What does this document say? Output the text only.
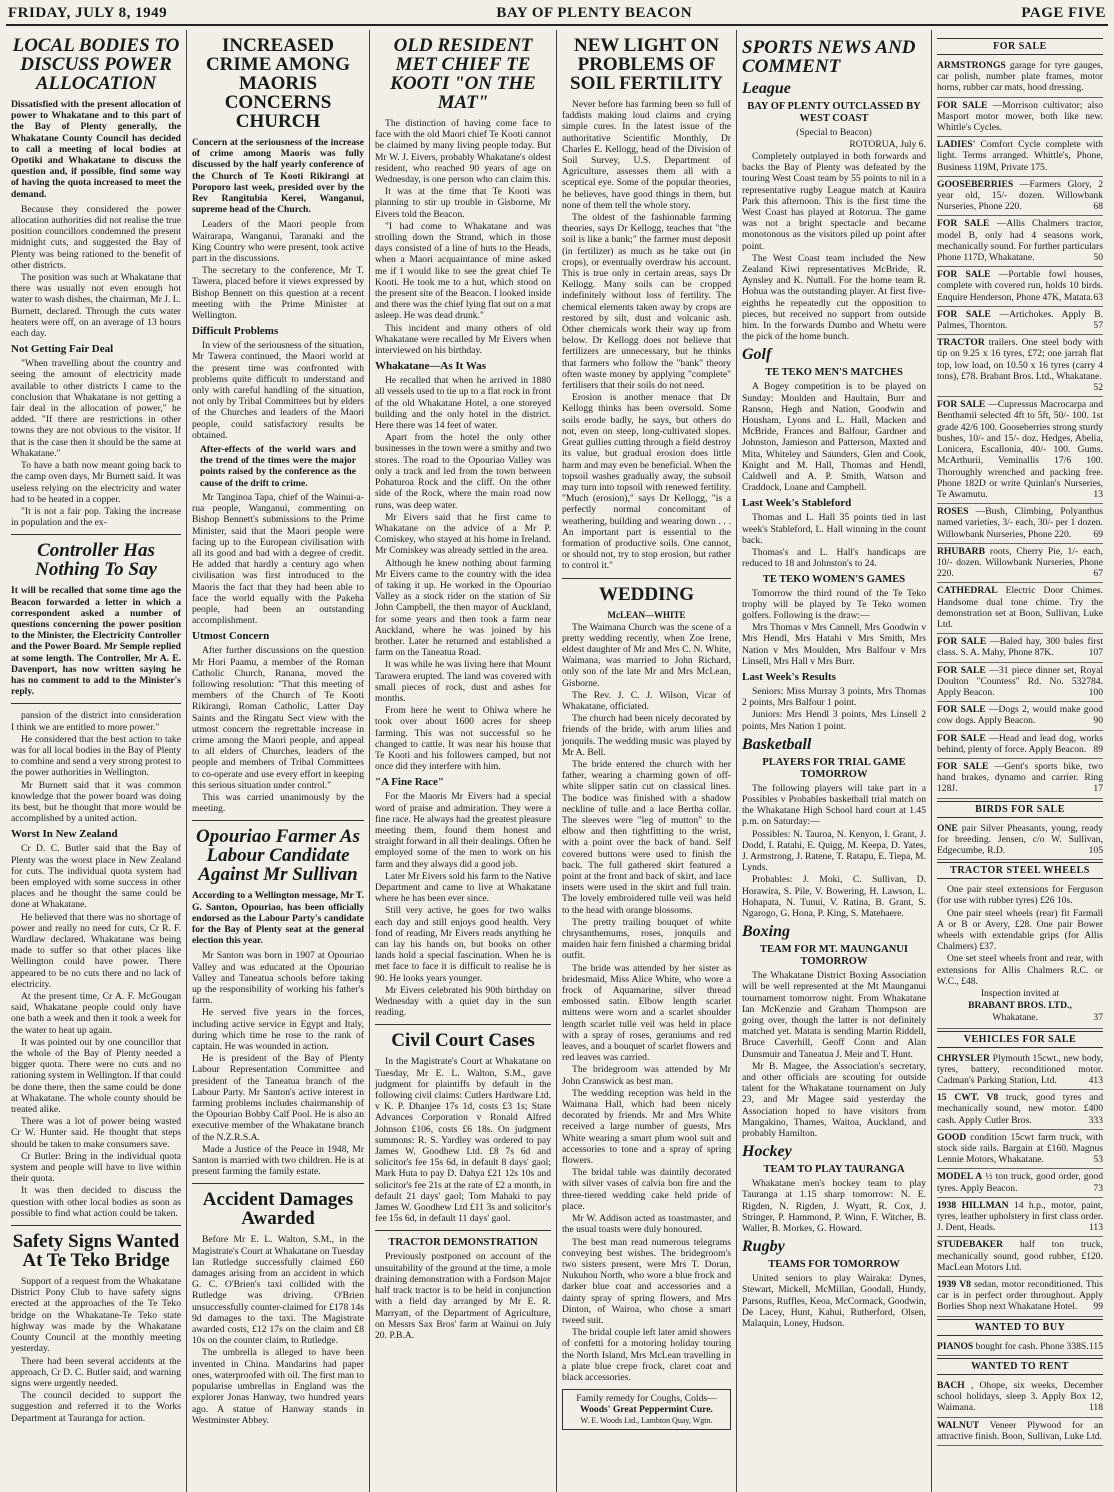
FRIDAY, JULY 8, 1949	BAY OF PLENTY BEACON	PAGE FIVE
LOCAL BODIES TO DISCUSS POWER ALLOCATION
Dissatisfied with the present allocation of power to Whakatane and to this part of the Bay of Plenty generally, the Whakatane County Council has decided to call a meeting of local bodies at Opotiki and Whakatane to discuss the question and, if possible, find some way of having the quota increased to meet the demand.

Because they considered the power allocation authorities did not realise the true position councillors condemned the present midnight cuts, and suggested the Bay of Plenty was being rationed to the benefit of other districts.

The position was such at Whakatane that there was usually not even enough hot water to wash dishes, the chairman, Mr J. L. Burnett, declared. Through the cuts water heaters were off, on an average of 13 hours each day.

Not Getting Fair Deal

"When travelling about the country and seeing the amount of electricity made available to other districts I came to the conclusion that Whakatane is not getting a fair deal in the allocation of power," he added. "If there are restrictions in other towns they are not obvious to the visitor. If that is the case then it should be the same at Whakatane."

To have a bath now meant going back to the camp oven days, Mr Burnett said. It was useless relying on the electricity and water had to be heated in a copper.

"It is not a fair pop. Taking the increase in population and the ex-

Controller Has Nothing To Say
It will be recalled that some time ago the Beacon forwarded a letter in which a correspondent asked a number of questions concerning the power position to the Minister, the Electricity Controller and the Power Board. Mr Semple replied at some length. The Controller, Mr A. E. Davenport, has now written saying he has no comment to add to the Minister's reply.

pansion of the district into consideration I think we are entitled to more power."

He considered that the best action to take was for all local bodies in the Bay of Plenty to combine and send a very strong protest to the power authorities in Wellington.

Mr Burnett said that it was common knowledge that the power board was doing its best, but he thought that more would be accomplished by a united action.

Worst In New Zealand

Cr D. C. Butler said that the Bay of Plenty was the worst place in New Zealand for cuts. The individual quota system had been employed with some success in other places and he thought the same could be done at Whakatane.

He believed that there was no shortage of power and really no need for cuts, Cr R. F. Wardlaw declared. Whakatane was being made to suffer so that other places like Wellington could have power. There appeared to be no cuts there and no lack of electricity.

At the present time, Cr A. F. McGougan said, Whakatane people could only have one bath a week and then it took a week for the water to heat up again.

It was pointed out by one councillor that the whole of the Bay of Plenty needed a bigger quota. There were no cuts and no rationing system in Wellington. If that could be done there, then the same could be done at Whakatane. The whole county should be treated alike.

There was a lot of power being wasted Cr W. Hunter said. He thought that steps should be taken to make consumers save.

Cr Butler: Bring in the individual quota system and people will have to live within their quota.

It was then decided to discuss the question with other local bodies as soon as possible to find what action could be taken.

Safety Signs Wanted At Te Teko Bridge

Support of a request from the Whakatane District Pony Club to have safety signs erected at the approaches of the Te Teko bridge on the Whakatane-Te Teko state highway was made by the Whakatane County Council at the monthly meeting yesterday.

There had been several accidents at the approach, Cr D. C. Butler said, and warning signs were urgently needed.

The council decided to support the suggestion and referred it to the Works Department at Tauranga for action.

INCREASED CRIME AMONG MAORIS CONCERNS CHURCH
Concern at the seriousness of the increase of crime among Maoris was fully discussed by the half yearly conference of the Church of Te Kooti Rikirangi at Poroporo last week, presided over by the Rev Rangitubia Kerei, Wanganui, supreme head of the Church.

Leaders of the Maori people from Wairarapa, Wanganui, Taranaki and the King Country who were present, took active part in the discussions.

The secretary to the conference, Mr T. Tawera, placed before it views expressed by Bishop Bennett on this question at a recent meeting with the Prime Minister at Wellington.

Difficult Problems

In view of the seriousness of the situation, Mr Tawera continued, the Maori world at the present time was confronted with problems quite difficult to understand and only with careful handling of the situation, not only by Tribal Committees but by elders of the Churches and leaders of the Maori people, could satisfactory results be obtained.

After-effects of the world wars and the trend of the times were the major points raised by the conference as the cause of the drift to crime.

Mr Tanginoa Tapa, chief of the Wainui-a-rua people, Wanganui, commenting on Bishop Bennett's submissions to the Prime Minister, said that the Maori people were facing up to the European civilisation with all its good and bad with a degree of credit. He added that hardly a century ago when civilisation was first introduced to the Maoris the fact that they had been able to face the world equally with the Pakeha people, had been an outstanding accomplishment.

Utmost Concern

After further discussions on the question Mr Hori Paamu, a member of the Roman Catholic Church, Ranana, moved the following resolution: "That this meeting of members of the Church of Te Kooti Rikirangi, Roman Catholic, Latter Day Saints and the Ringatu Sect view with the utmost concern the regrettable increase in crime among the Maori people, and appeal to all elders of Churches, leaders of the people and members of Tribal Committees to co-operate and use every effort in keeping this serious situation under control."

This was carried unanimously by the meeting.

Opouriao Farmer As Labour Candidate Against Mr Sullivan
According to a Wellington message, Mr T. G. Santon, Opouriao, has been officially endorsed as the Labour Party's candidate for the Bay of Plenty seat at the general election this year.

Mr Santon was born in 1907 at Opouriao Valley and was educated at the Opouriao Valley and Taneatua schools before taking up the responsibility of working his father's farm.

He served five years in the forces, including active service in Egypt and Italy, during which time he rose to the rank of captain. He was wounded in action.

He is president of the Bay of Plenty Labour Representation Committee and president of the Taneatua branch of the Labour Party. Mr Santon's active interest in farming problems includes chairmanship of the Opouriao Bobby Calf Pool. He is also an executive member of the Whakatane branch of the N.Z.R.S.A.

Made a Justice of the Peace in 1948, Mr Santon is married with two children. He is at present farming the family estate.

Accident Damages Awarded

Before Mr E. L. Walton, S.M., in the Magistrate's Court at Whakatane on Tuesday Ian Rutledge successfully claimed £60 damages arising from an accident in which G. C. O'Brien's taxi collided with the Rutledge was driving. O'Brien unsuccessfully counter-claimed for £178 14s 9d damages to the taxi. The Magistrate awarded costs, £12 17s on the claim and £8 10s on the counter claim, to Rutledge.

The umbrella is alleged to have been invented in China. Mandarins had paper ones, waterproofed with oil. The first man to popularise umbrellas in England was the explorer Jonas Hanway, two hundred years ago. A statue of Hanway stands in Westminster Abbey.

OLD RESIDENT MET CHIEF TE KOOTI "ON THE MAT"

The distinction of having come face to face with the old Maori chief Te Kooti cannot be claimed by many living people today. But Mr W. J. Eivers, probably Whakatane's oldest resident, who reached 90 years of age on Wednesday, is one person who can claim this.

It was at the time that Te Kooti was planning to stir up trouble in Gisborne, Mr Eivers told the Beacon.

"I had come to Whakatane and was strolling down the Strand, which in those days consisted of a line of huts to the Heads, when a Maori acquaintance of mine asked me if I would like to see the great chief Te Kooti. He took me to a hut, which stood on the present site of the Beacon. I looked inside and there was the chief lying flat out on a mat asleep. He was dead drunk."

This incident and many others of old Whakatane were recalled by Mr Eivers when interviewed on his birthday.

Whakatane—As It Was

He recalled that when he arrived in 1880 all vessels used to tie up to a flat rock in front of the old Whakatane Hotel, a one storeyed building and the only hotel in the district. Here there was 14 feet of water.

Apart from the hotel the only other businesses in the town were a smithy and two stores. The road to the Opouriao Valley was only a track and led from the town between Pohaturoa Rock and the cliff. On the other side of the Rock, where the main road now runs, was deep water.

Mr Eivers said that he first came to Whakatane on the advice of a Mr P. Comiskey, who stayed at his home in Ireland. Mr Comiskey was already settled in the area.

Although he knew nothing about farming Mr Eivers came to the country with the idea of taking it up. He worked in the Opouriao Valley as a stock rider on the station of Sir John Campbell, the then mayor of Auckland, for some years and then took a farm near Auckland, where he was joined by his brother. Later he returned and established a farm on the Taneatua Road.

It was while he was living here that Mount Tarawera erupted. The land was covered with small pieces of rock, dust and ashes for months.

From here he went to Ohiwa where he took over about 1600 acres for sheep farming. This was not successful so he changed to cattle. It was near his house that Te Kooti and his followers camped, but not once did they interfere with him.

"A Fine Race"

For the Maoris Mr Eivers had a special word of praise and admiration. They were a fine race. He always had the greatest pleasure meeting them, found them honest and straight forward in all their dealings. Often he employed some of the men to work on his farm and they always did a good job.

Later Mr Eivers sold his farm to the Native Department and came to live at Whakatane where he has been ever since.

Still very active, he goes for two walks each day and still enjoys good health. Very fond of reading, Mr Eivers reads anything he can lay his hands on, but books on other lands hold a special fascination. When he is met face to face it is difficult to realise he is 90. He looks years younger.

Mr Eivers celebrated his 90th birthday on Wednesday with a quiet day in the sun reading.

Civil Court Cases

In the Magistrate's Court at Whakatane on Tuesday, Mr E. L. Walton, S.M., gave judgment for plaintiffs by default in the following civil claims: Cutlers Hardware Ltd. v K. P. Dhanjee 17s 1d, costs £3 1s; State Advances Corporation v Ronald Alfred Johnson £106, costs £6 18s. On judgment summons: R. S. Yardley was ordered to pay James W. Goodhew Ltd. £8 7s 6d and solicitor's fee 15s 6d, in default 8 days' gaol; Mark Huta to pay D. Dahya £21 12s 10s and solicitor's fee 21s at the rate of £2 a month, in default 21 days' gaol; Tom Mahaki to pay James W. Goodhew Ltd £11 3s and solicitor's fee 15s 6d, in default 11 days' gaol.

TRACTOR DEMONSTRATION

Previously postponed on account of the unsuitability of the ground at the time, a mole draining demonstration with a Fordson Major half track tractor is to be held in conjunction with a field day arranged by Mr E. R. Marryatt, of the Department of Agriculture, on Messrs Sax Bros' farm at Wainui on July 20. P.B.A.

NEW LIGHT ON PROBLEMS OF SOIL FERTILITY

Never before has farming been so full of faddists making loud claims and crying simple cures. In the latest issue of the authoritative Scientific Monthly, Dr Charles E. Kellogg, head of the Division of Soil Survey, U.S. Department of Agriculture, assesses them all with a sceptical eye. Some of the popular theories, he believes, have good things in them, but none of them tell the whole story.

The oldest of the fashionable farming theories, says Dr Kellogg, teaches that "the soil is like a bank;" the farmer must deposit (in fertilizer) as much as he take out (in crops), or eventually overdraw his account. This is true only in certain areas, says Dr Kellogg. Many soils can be cropped indefinitely without loss of fertility. The chemical elements taken away by crops are restored by silt, dust and volcanic ash. Other chemicals work their way up from below. Dr Kellogg does not believe that fertilizers are unnecessary, but he thinks that farmers who follow the "bank" theory often waste money by applying "complete" fertilisers that their soils do not need.

Erosion is another menace that Dr Kellogg thinks has been oversold. Some soils erode badly, he says, but others do not, even on steep, long-cultivated slopes. Great gullies cutting through a field destroy its value, but gradual erosion does little harm and may even be beneficial. When the topsoil washes gradually away, the subsoil may turn into topsoil with renewed fertility. "Much (erosion)," says Dr Kellogg, "is a perfectly normal concomitant of weathering, building and wearing down . . . An important part is essential to the formation of productive soils. One cannot, or should not, try to stop erosion, but rather to control it."

WEDDING
McLEAN—WHITE

The Waimana Church was the scene of a pretty wedding recently, when Zoe Irene, eldest daughter of Mr and Mrs C. N. White, Waimana, was married to John Richard, only son of the late Mr and Mrs McLean, Gisborne.

The Rev. J. C. J. Wilson, Vicar of Whakatane, officiated.

The church had been nicely decorated by friends of the bride, with arum lilies and jonquils. The wedding music was played by Mr A. Bell.

The bride entered the church with her father, wearing a charming gown of off-white slipper satin cut on classical lines. The bodice was finished with a shadow neckline of tulle and a lace Bertha collar. The sleeves were "leg of mutton" to the elbow and then tightfitting to the wrist, with a point over the back of band. Self covered buttons were used to finish the back. The full gathered skirt featured a point at the front and back of skirt, and lace insets were used in the skirt and full train. The lovely embroidered tulle veil was held to the head with orange blossoms.

The pretty trailing bouquet of white chrysanthemums, roses, jonquils and maiden hair fern finished a charming bridal outfit.

The bride was attended by her sister as bridesmaid, Miss Alice White, who wore a frock of Aquamarine, silver thread embossed satin. Elbow length scarlet mittens were worn and a scarlet shoulder length scarlet tulle veil was held in place with a spray of roses, geraniums and red leaves, and a bouquet of scarlet flowers and red leaves was carried.

The bridegroom was attended by Mr John Cranswick as best man.

The wedding reception was held in the Waimana Hall, which had been nicely decorated by friends. Mr and Mrs White received a large number of guests, Mrs White wearing a smart plum wool suit and accessories to tone and a spray of spring flowers.

The bridal table was daintily decorated with silver vases of calvia bon fire and the three-tiered wedding cake held pride of place.

Mr W. Addison acted as toastmaster, and the usual toasts were duly honoured.

The best man read numerous telegrams conveying best wishes. The bridegroom's two sisters present, were Mrs T. Doran, Nukuhou North, who wore a blue frock and darker blue coat and accessories and a dainty spray of spring flowers, and Mrs Dinton, of Wairoa, who chose a smart tweed suit.

The bridal couple left later amid showers of confetti for a motoring holiday touring the North Island, Mrs McLean travelling in a plate blue crepe frock, claret coat and black accessories.

Family remedy for Coughs, Colds—
Woods' Great Peppermint Cure.
W. E. Woods Ltd., Lambton Quay, Wgtn.
SPORTS NEWS AND COMMENT
League
BAY OF PLENTY OUTCLASSED BY WEST COAST
(Special to Beacon)
ROTORUA, July 6.

Completely outplayed in both forwards and backs the Bay of Plenty was defeated by the touring West Coast team by 55 points to nil in a representative rugby League match at Kauira Park this afternoon. This is the first time the West Coast has played at Rotorua. The game was not a bright spectacle and became monotonous as the visitors piled up point after point.

The West Coast team included the New Zealand Kiwi representatives McBride, R. Aynsley and K. Nuttall. For the home team R. Hohua was the outstanding player. At first five-eighths he repeatedly cut the opposition to pieces, but received no support from outside him. In the forwards Dumbo and Whetu were the pick of the home bunch.

Golf
TE TEKO MEN'S MATCHES

A Bogey competition is to be played on Sunday: Moulden and Haultain, Burr and Ranson, Hegh and Nation, Goodwin and Housham, Lyons and L. Hall, Macken and McBride, Frances and Balfour, Gardner and Johnston, Jamieson and Patterson, Maxted and Mita, Whiteley and Saunders, Glen and Cook, Knight and M. Hall, Thomas and Hendl, Caldwell and A. P. Smith, Watson and Craddock, Loane and Campbell.

Last Week's Stableford

Thomas and L. Hall 35 points tied in last week's Stableford, L. Hall winning in the count back.

Thomas's and L. Hall's handicaps are reduced to 18 and Johnston's to 24.

TE TEKO WOMEN'S GAMES

Tomorrow the third round of the Te Teko trophy will be played by Te Teko women golfers. Following is the draw:—

Mrs Thomas v Mrs Cannell, Mrs Goodwin v Mrs Hendl, Mrs Hatahi v Mrs Smith, Mrs Nation v Mrs Moulden, Mrs Balfour v Mrs Linsell, Mrs Hall v Mrs Burr.

Last Week's Results

Seniors: Miss Murray 3 points, Mrs Thomas 2 points, Mrs Balfour 1 point.

Juniors: Mrs Hendl 3 points, Mrs Linsell 2 points, Mrs Nation 1 point.

Basketball
PLAYERS FOR TRIAL GAME TOMORROW

The following players will take part in a Possibles v Probables basketball trial match on the Whakatane High School hard court at 1.45 p.m. on Saturday:—

Possibles: N. Tauroa, N. Kenyon, I. Grant, J. Dodd, I. Ratahi, E. Quigg, M. Keepa, D. Yates, J. Armstrong, J. Ratene, T. Ratapu, E. Tiepa, M. Lynds.

Probables: J. Moki, C. Sullivan, D. Horawira, S. Pile, V. Bowering, H. Lawson, L. Hohapata, N. Tunui, V. Ratina, B. Grant, S. Ngarogo, G. Hona, P. King, S. Matehaere.

Boxing
TEAM FOR MT. MAUNGANUI TOMORROW

The Whakatane District Boxing Association will be well represented at the Mt Maunganui tournament tomorrow night. From Whakatane Ian McKenzie and Graham Thompson are going over, though the latter is not definitely matched yet. Matata is sending Martin Riddell, Bruce Caverhill, Geoff Conn and Alan Dunsmuir and Taneatua J. Meir and T. Hunt.

Mr B. Magee, the Association's secretary, and other officials are scouting for outside talent for the Whakatane tournament on July 23, and Mr Magee said yesterday the Association hoped to have visitors from Mangakino, Thames, Waitoa, Auckland, and probably Hamilton.

Hockey
TEAM TO PLAY TAURANGA

Whakatane men's hockey team to play Tauranga at 1.15 sharp tomorrow: N. E. Rigden, N. Rigden, J. Wyatt, R. Cox, J. Stringer, P. Hammond, P. Winn, F. Witcher, B. Waller, B. Morkes, G. Howard.

Rugby
TEAMS FOR TOMORROW

United seniors to play Wairaka: Dynes, Stewart, Mickell, McMillan, Goodall, Hundy, Parsons, Ruffles, Keoa, McCormack, Goodwin, De Lacey, Hunt, Kahui, Rutherford, Olsen, Malaquin, Loney, Hudson.

FOR SALE
ARMSTRONGS garage for tyre gauges, car polish, number plate frames, motor horns, rubber car mats, hood dressing.
FOR SALE —Morrison cultivator; also Masport motor mower, both like new. Whittle's Cycles.
LADIES' Comfort Cycle complete with light. Terms arranged. Whittle's, Phone, Business 119M, Private 175.
GOOSEBERRIES —Farmers Glory, 2 year old, 15/- dozen. Willowbank Nurseries, Phone 220.	68
FOR SALE —Allis Chalmers tractor, model B, only had 4 seasons work, mechanically sound. For further particulars Phone 117D, Whakatane.	50
FOR SALE —Portable fowl houses, complete with covered run, holds 10 birds. Enquire Henderson, Phone 47K, Matata. 63
FOR SALE —Artichokes. Apply B. Palmes, Thornton.	57
TRACTOR trailers. One steel body with tip on 9.25 x 16 tyres, £72; one jarrah flat top, low load, on 10.50 x 16 tyres (carry 4 tons), £78. Brabant Bros. Ltd., Whakatane.
52
FOR SALE —Cupressus Macrocarpa and Benthamii selected 4ft to 5ft, 50/- 100. 1st grade 42/6 100. Gooseberries strong sturdy bushes, 10/- and 15/- doz. Hedges, Abelia, Lonicera, Escallonia, 40/- 100. Gums. McArthurii, Veminallis 17/6 100. Thoroughly wrenched and packing free. Phone 182D or write Quinlan's Nurseries, Te Awamutu.	13
ROSES —Bush, Climbing, Polyanthus named varieties, 3/- each, 30/- per 1 dozen. Willowbank Nurseries, Phone 220. 69
RHUBARB roots, Cherry Pie, 1/- each, 10/- dozen. Willowbank Nurseries, Phone 220.	67
CATHEDRAL Electric Door Chimes. Handsome dual tone chime. Try the demonstration set at Boon, Sullivan, Luke Ltd.
FOR SALE —Baled hay, 300 bales first class. S. A. Mahy, Phone 87K.	107
FOR SALE —31 piece dinner set, Royal Doulton "Countess" Rd. No. 532784. Apply Beacon.	100
FOR SALE —Dogs 2, would make good cow dogs. Apply Beacon.	90
FOR SALE —Head and lead dog, works behind, plenty of force. Apply Beacon. 89
FOR SALE —Gent's sports bike, two hand brakes, dynamo and carrier. Ring 128J.	17
BIRDS FOR SALE
ONE pair Silver Pheasants, young, ready for breeding. Jensen, c/o W. Sullivan, Edgecumbe, R.D.	105
TRACTOR STEEL WHEELS

One pair steel extensions for Ferguson (for use with rubber tyres) £26 10s.

One pair steel wheels (rear) fit Farmall A or B or Avery, £28. One pair Bower wheels with extendable grips (for Allis Chalmers) £37.

One set steel wheels front and rear, with extensions for Allis Chalmers R.C. or W.C., £48.

Inspection invited at
BRABANT BROS. LTD.,
Whakatane.	37
VEHICLES FOR SALE
CHRYSLER Plymouth 15cwt., new body, tyres, battery, reconditioned motor. Cadman's Parking Station, Ltd.	413
15 CWT. V8 truck, good tyres and mechanically sound, new motor. £400 cash. Apply Cutler Bros.	333
GOOD condition 15cwt farm truck, with stock side rails. Bargain at £160. Magnus Lennie Motors, Whakatane.	53
MODEL A ½ ton truck, good order, good tyres. Apply Beacon.	73
1938 HILLMAN 14 h.p., motor, paint, tyres, leather upholstery in first class order. J. Dent, Heads.	113
STUDEBAKER half ton truck, mechanically sound, good rubber, £120. MacLean Motors Ltd.
1939 V8 sedan, motor reconditioned. This car is in perfect order throughout. Apply Borlies Shop next Whakatane Hotel. 99
WANTED TO BUY
PIANOS bought for cash. Phone 338S. 115
WANTED TO RENT
BACH , Ohope, six weeks, December school holidays, sleep 3. Apply Box 12, Waimana.	118
WALNUT Veneer Plywood for an attractive finish. Boon, Sullivan, Luke Ltd.
